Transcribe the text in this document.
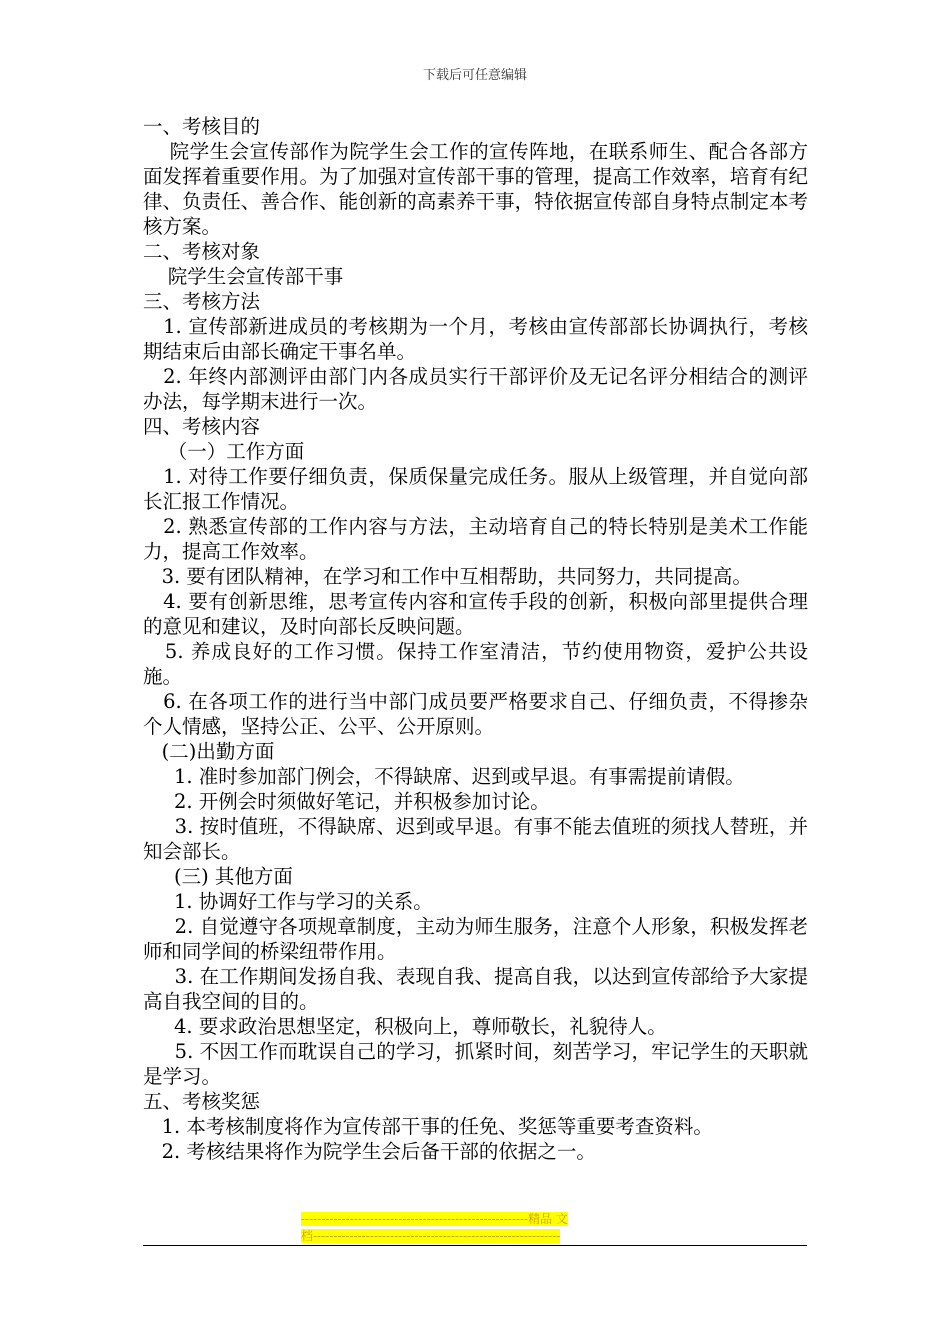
下载后可任意编辑

一、考核目的

院学生会宣传部作为院学生会工作的宣传阵地，在联系师生、配合各部方面发挥着重要作用。为了加强对宣传部干事的管理，提高工作效率，培育有纪律、负责任、善合作、能创新的高素养干事，特依据宣传部自身特点制定本考核方案。

二、考核对象

院学生会宣传部干事

三、考核方法

1. 宣传部新进成员的考核期为一个月，考核由宣传部部长协调执行，考核期结束后由部长确定干事名单。

2. 年终内部测评由部门内各成员实行干部评价及无记名评分相结合的测评办法，每学期末进行一次。

四、考核内容

（一）工作方面

1. 对待工作要仔细负责，保质保量完成任务。服从上级管理，并自觉向部长汇报工作情况。

2. 熟悉宣传部的工作内容与方法，主动培育自己的特长特别是美术工作能力，提高工作效率。

3. 要有团队精神，在学习和工作中互相帮助，共同努力，共同提高。

4. 要有创新思维，思考宣传内容和宣传手段的创新，积极向部里提供合理的意见和建议，及时向部长反映问题。

5. 养成良好的工作习惯。保持工作室清洁，节约使用物资，爱护公共设施。

6. 在各项工作的进行当中部门成员要严格要求自己、仔细负责，不得掺杂个人情感，坚持公正、公平、公开原则。

(二)出勤方面

1. 准时参加部门例会，不得缺席、迟到或早退。有事需提前请假。

2. 开例会时须做好笔记，并积极参加讨论。

3. 按时值班，不得缺席、迟到或早退。有事不能去值班的须找人替班，并知会部长。

(三) 其他方面

1. 协调好工作与学习的关系。

2. 自觉遵守各项规章制度，主动为师生服务，注意个人形象，积极发挥老师和同学间的桥梁纽带作用。

3. 在工作期间发扬自我、表现自我、提高自我，以达到宣传部给予大家提高自我空间的目的。

4. 要求政治思想坚定，积极向上，尊师敬长，礼貌待人。

5. 不因工作而耽误自己的学习，抓紧时间，刻苦学习，牢记学生的天职就是学习。

五、考核奖惩

1. 本考核制度将作为宣传部干事的任免、奖惩等重要考查资料。

2. 考核结果将作为院学生会后备干部的依据之一。

--------------------------------------------------------精品 文
档-------------------------------------------------------------
